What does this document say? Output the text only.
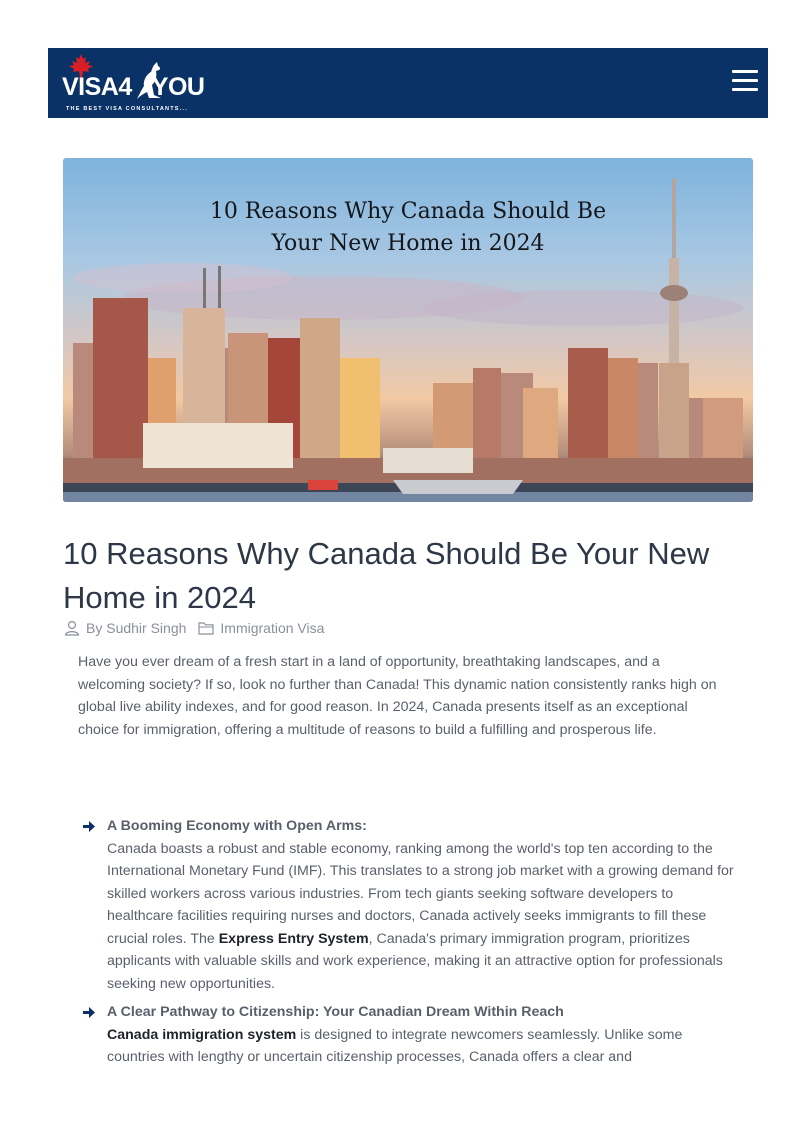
VISA4 YOU
THE BEST VISA CONSULTANTS...
10 Reasons Why Canada Should Be
Your New Home in 2024
10 Reasons Why Canada Should Be Your New Home in 2024
By Sudhir Singh Immigration Visa

Have you ever dream of a fresh start in a land of opportunity, breathtaking landscapes, and a welcoming society? If so, look no further than Canada! This dynamic nation consistently ranks high on global live ability indexes, and for good reason. In 2024, Canada presents itself as an exceptional choice for immigration, offering a multitude of reasons to build a fulfilling and prosperous life.

A Booming Economy with Open Arms:
Canada boasts a robust and stable economy, ranking among the world's top ten according to the International Monetary Fund (IMF). This translates to a strong job market with a growing demand for skilled workers across various industries. From tech giants seeking software developers to healthcare facilities requiring nurses and doctors, Canada actively seeks immigrants to fill these crucial roles. The Express Entry System, Canada's primary immigration program, prioritizes applicants with valuable skills and work experience, making it an attractive option for professionals seeking new opportunities.
A Clear Pathway to Citizenship: Your Canadian Dream Within Reach
Canada immigration system is designed to integrate newcomers seamlessly. Unlike some countries with lengthy or uncertain citizenship processes, Canada offers a clear and
